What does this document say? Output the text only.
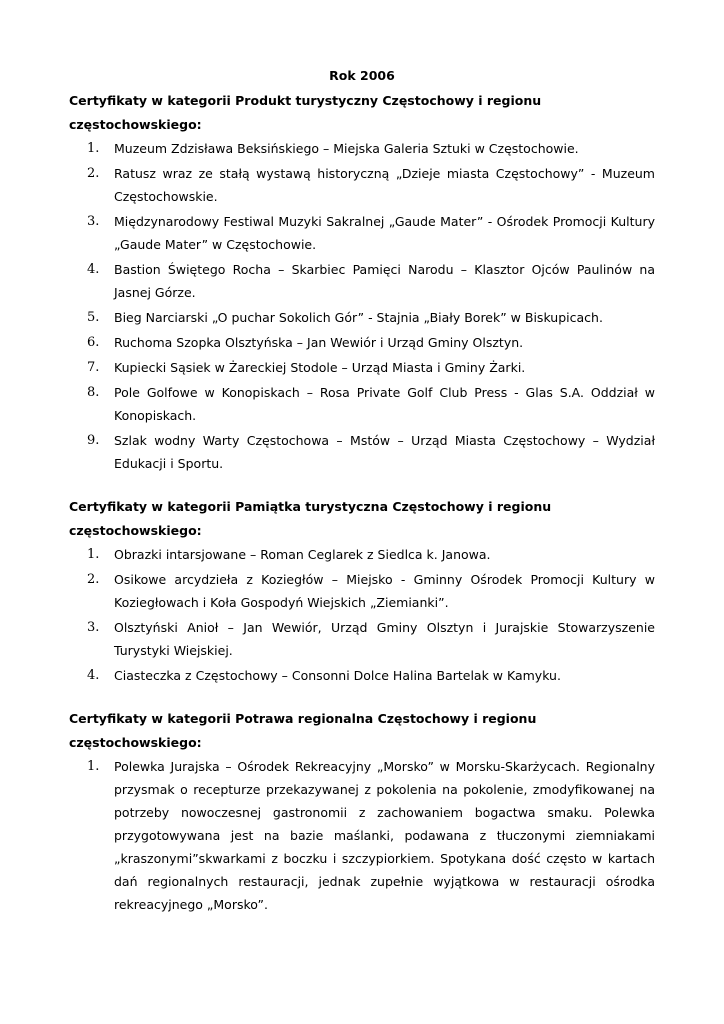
Rok 2006
Certyfikaty w kategorii Produkt turystyczny Częstochowy i regionu
częstochowskiego:
1. Muzeum Zdzisława Beksińskiego – Miejska Galeria Sztuki w Częstochowie.
2. Ratusz wraz ze stałą wystawą historyczną „Dzieje miasta Częstochowy” - Muzeum Częstochowskie.
3. Międzynarodowy Festiwal Muzyki Sakralnej „Gaude Mater” - Ośrodek Promocji Kultury „Gaude Mater” w Częstochowie.
4. Bastion Świętego Rocha – Skarbiec Pamięci Narodu – Klasztor Ojców Paulinów na Jasnej Górze.
5. Bieg Narciarski „O puchar Sokolich Gór” - Stajnia „Biały Borek” w Biskupicach.
6. Ruchoma Szopka Olsztyńska – Jan Wewiór i Urząd Gminy Olsztyn.
7. Kupiecki Sąsiek w Żareckiej Stodole – Urząd Miasta i Gminy Żarki.
8. Pole Golfowe w Konopiskach – Rosa Private Golf Club Press - Glas S.A. Oddział w Konopiskach.
9. Szlak wodny Warty Częstochowa – Mstów – Urząd Miasta Częstochowy – Wydział Edukacji i Sportu.
Certyfikaty w kategorii Pamiątka turystyczna Częstochowy i regionu
częstochowskiego:
1. Obrazki intarsjowane – Roman Ceglarek z Siedlca k. Janowa.
2. Osikowe arcydzieła z Koziegłów – Miejsko - Gminny Ośrodek Promocji Kultury w Koziegłowach i Koła Gospodyń Wiejskich „Ziemianki”.
3. Olsztyński Anioł – Jan Wewiór, Urząd Gminy Olsztyn i Jurajskie Stowarzyszenie Turystyki Wiejskiej.
4. Ciasteczka z Częstochowy – Consonni Dolce Halina Bartelak w Kamyku.
Certyfikaty w kategorii Potrawa regionalna Częstochowy i regionu
częstochowskiego:
1. Polewka Jurajska – Ośrodek Rekreacyjny „Morsko” w Morsku-Skarżycach. Regionalny przysmak o recepturze przekazywanej z pokolenia na pokolenie, zmodyfikowanej na potrzeby nowoczesnej gastronomii z zachowaniem bogactwa smaku. Polewka przygotowywana jest na bazie maślanki, podawana z tłuczonymi ziemniakami „kraszonymi”skwarkami z boczku i szczypiorkiem. Spotykana dość często w kartach dań regionalnych restauracji, jednak zupełnie wyjątkowa w restauracji ośrodka rekreacyjnego „Morsko”.
